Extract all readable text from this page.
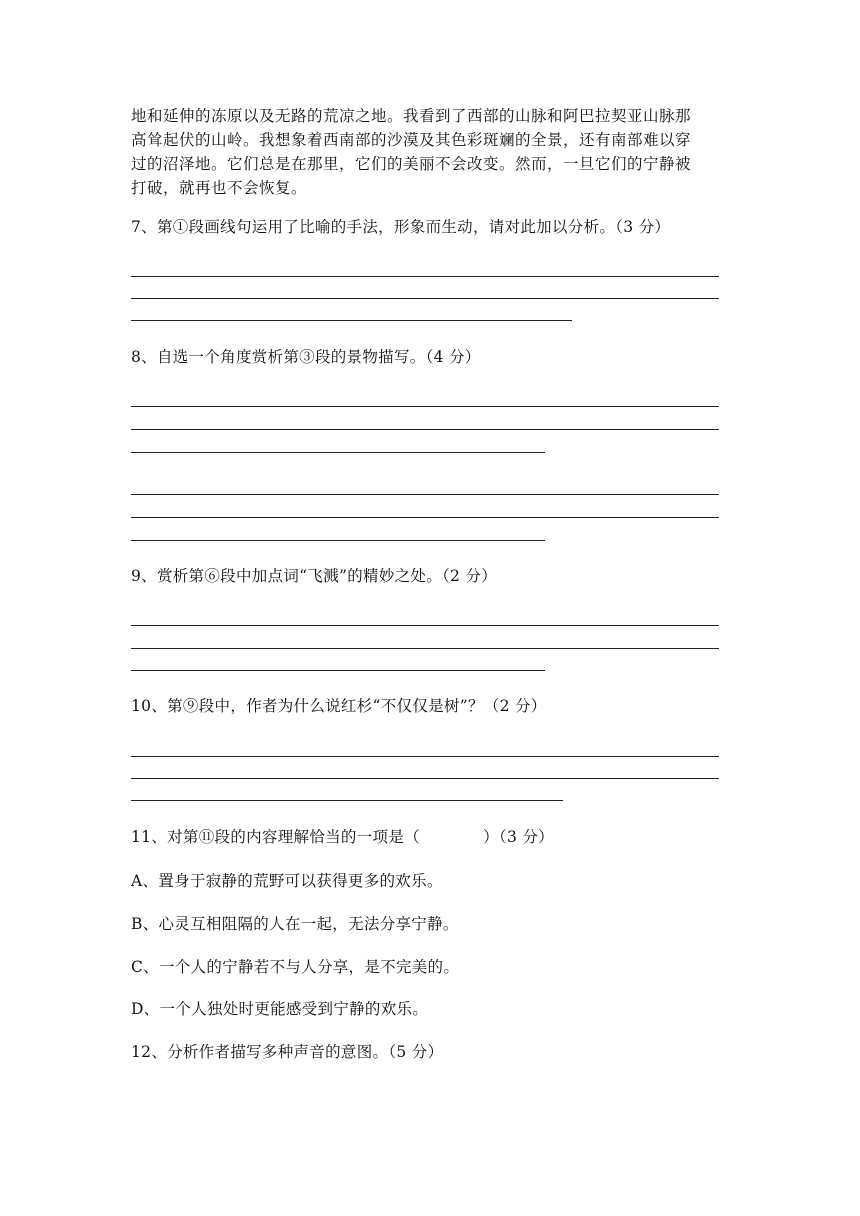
地和延伸的冻原以及无路的荒凉之地。我看到了西部的山脉和阿巴拉契亚山脉那
高耸起伏的山岭。我想象着西南部的沙漠及其色彩斑斓的全景，还有南部难以穿
过的沼泽地。它们总是在那里，它们的美丽不会改变。然而，一旦它们的宁静被
打破，就再也不会恢复。
7、第①段画线句运用了比喻的手法，形象而生动，请对此加以分析。（3 分）
8、自选一个角度赏析第③段的景物描写。（4 分）
9、赏析第⑥段中加点词“飞溅”的精妙之处。（2 分）
10、第⑨段中，作者为什么说红杉“不仅仅是树”？（2 分）
11、对第⑪段的内容理解恰当的一项是（　　　　）（3 分）
A、置身于寂静的荒野可以获得更多的欢乐。
B、心灵互相阻隔的人在一起，无法分享宁静。
C、一个人的宁静若不与人分享，是不完美的。
D、一个人独处时更能感受到宁静的欢乐。
12、分析作者描写多种声音的意图。（5 分）
